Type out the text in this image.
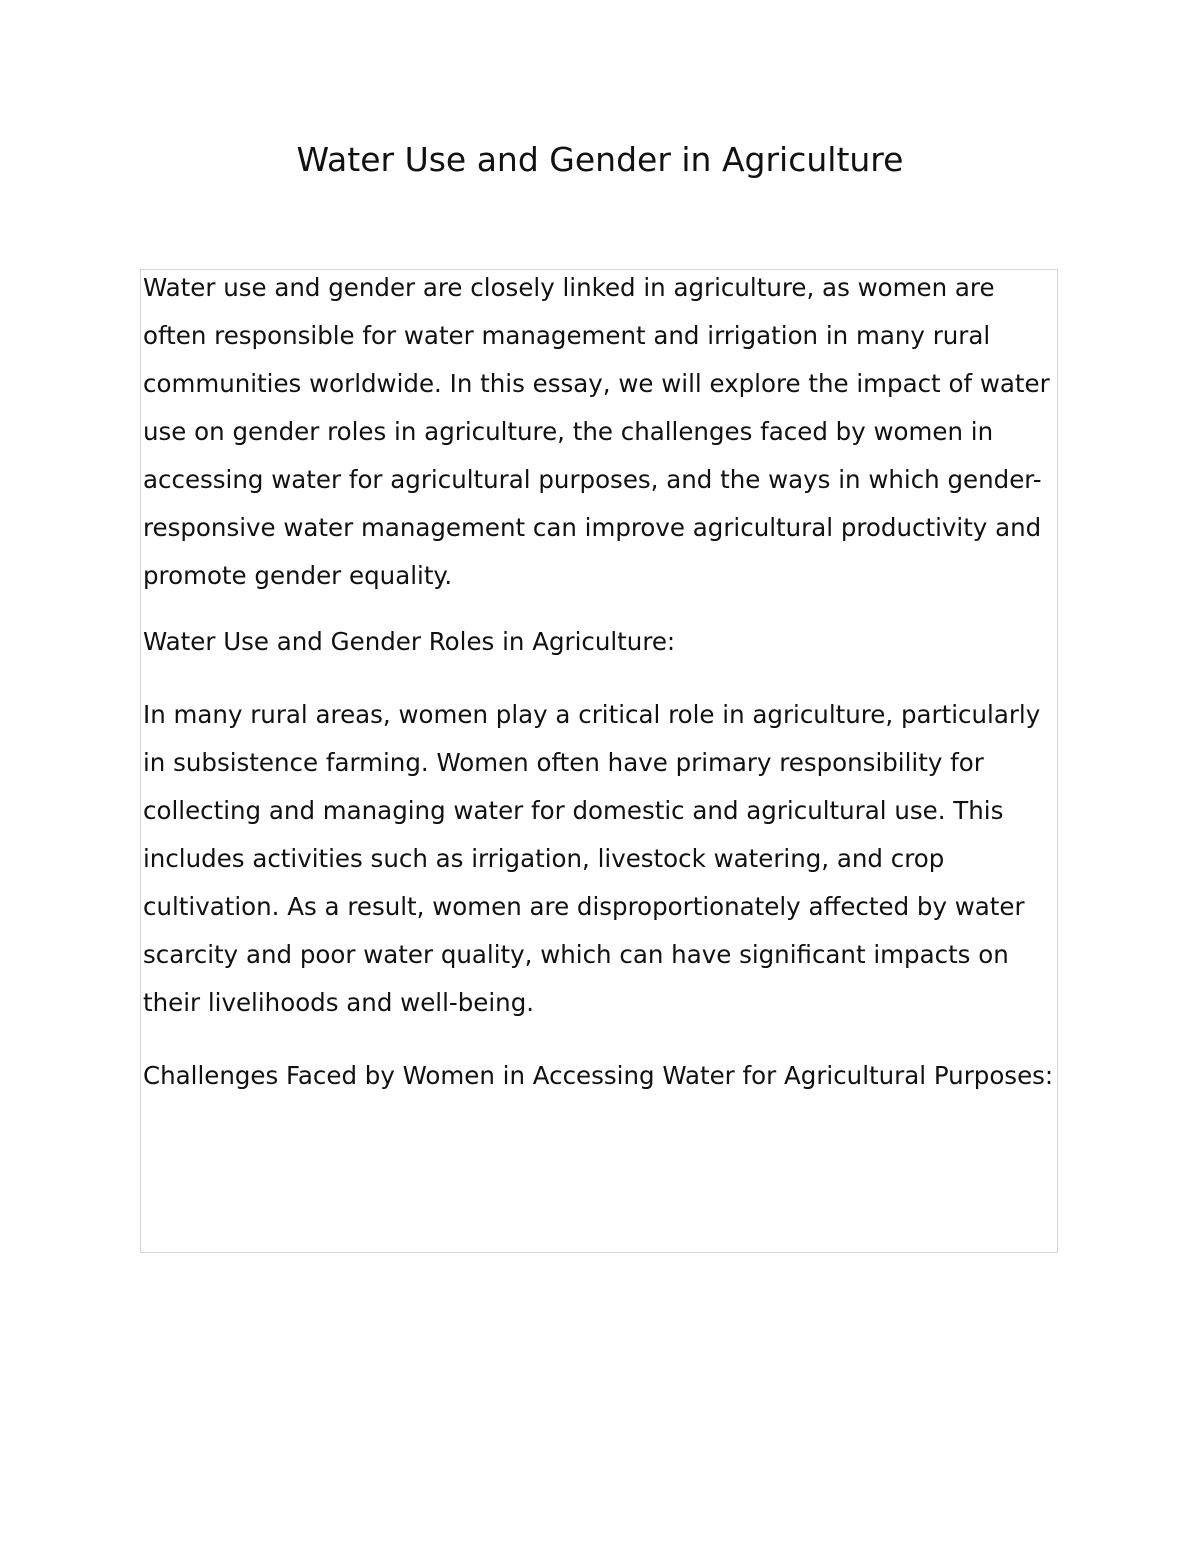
Water Use and Gender in Agriculture

Water use and gender are closely linked in agriculture, as women are often responsible for water management and irrigation in many rural communities worldwide. In this essay, we will explore the impact of water use on gender roles in agriculture, the challenges faced by women in accessing water for agricultural purposes, and the ways in which gender-responsive water management can improve agricultural productivity and promote gender equality.

Water Use and Gender Roles in Agriculture:

In many rural areas, women play a critical role in agriculture, particularly in subsistence farming. Women often have primary responsibility for collecting and managing water for domestic and agricultural use. This includes activities such as irrigation, livestock watering, and crop cultivation. As a result, women are disproportionately affected by water scarcity and poor water quality, which can have significant impacts on their livelihoods and well-being.

Challenges Faced by Women in Accessing Water for Agricultural Purposes:
